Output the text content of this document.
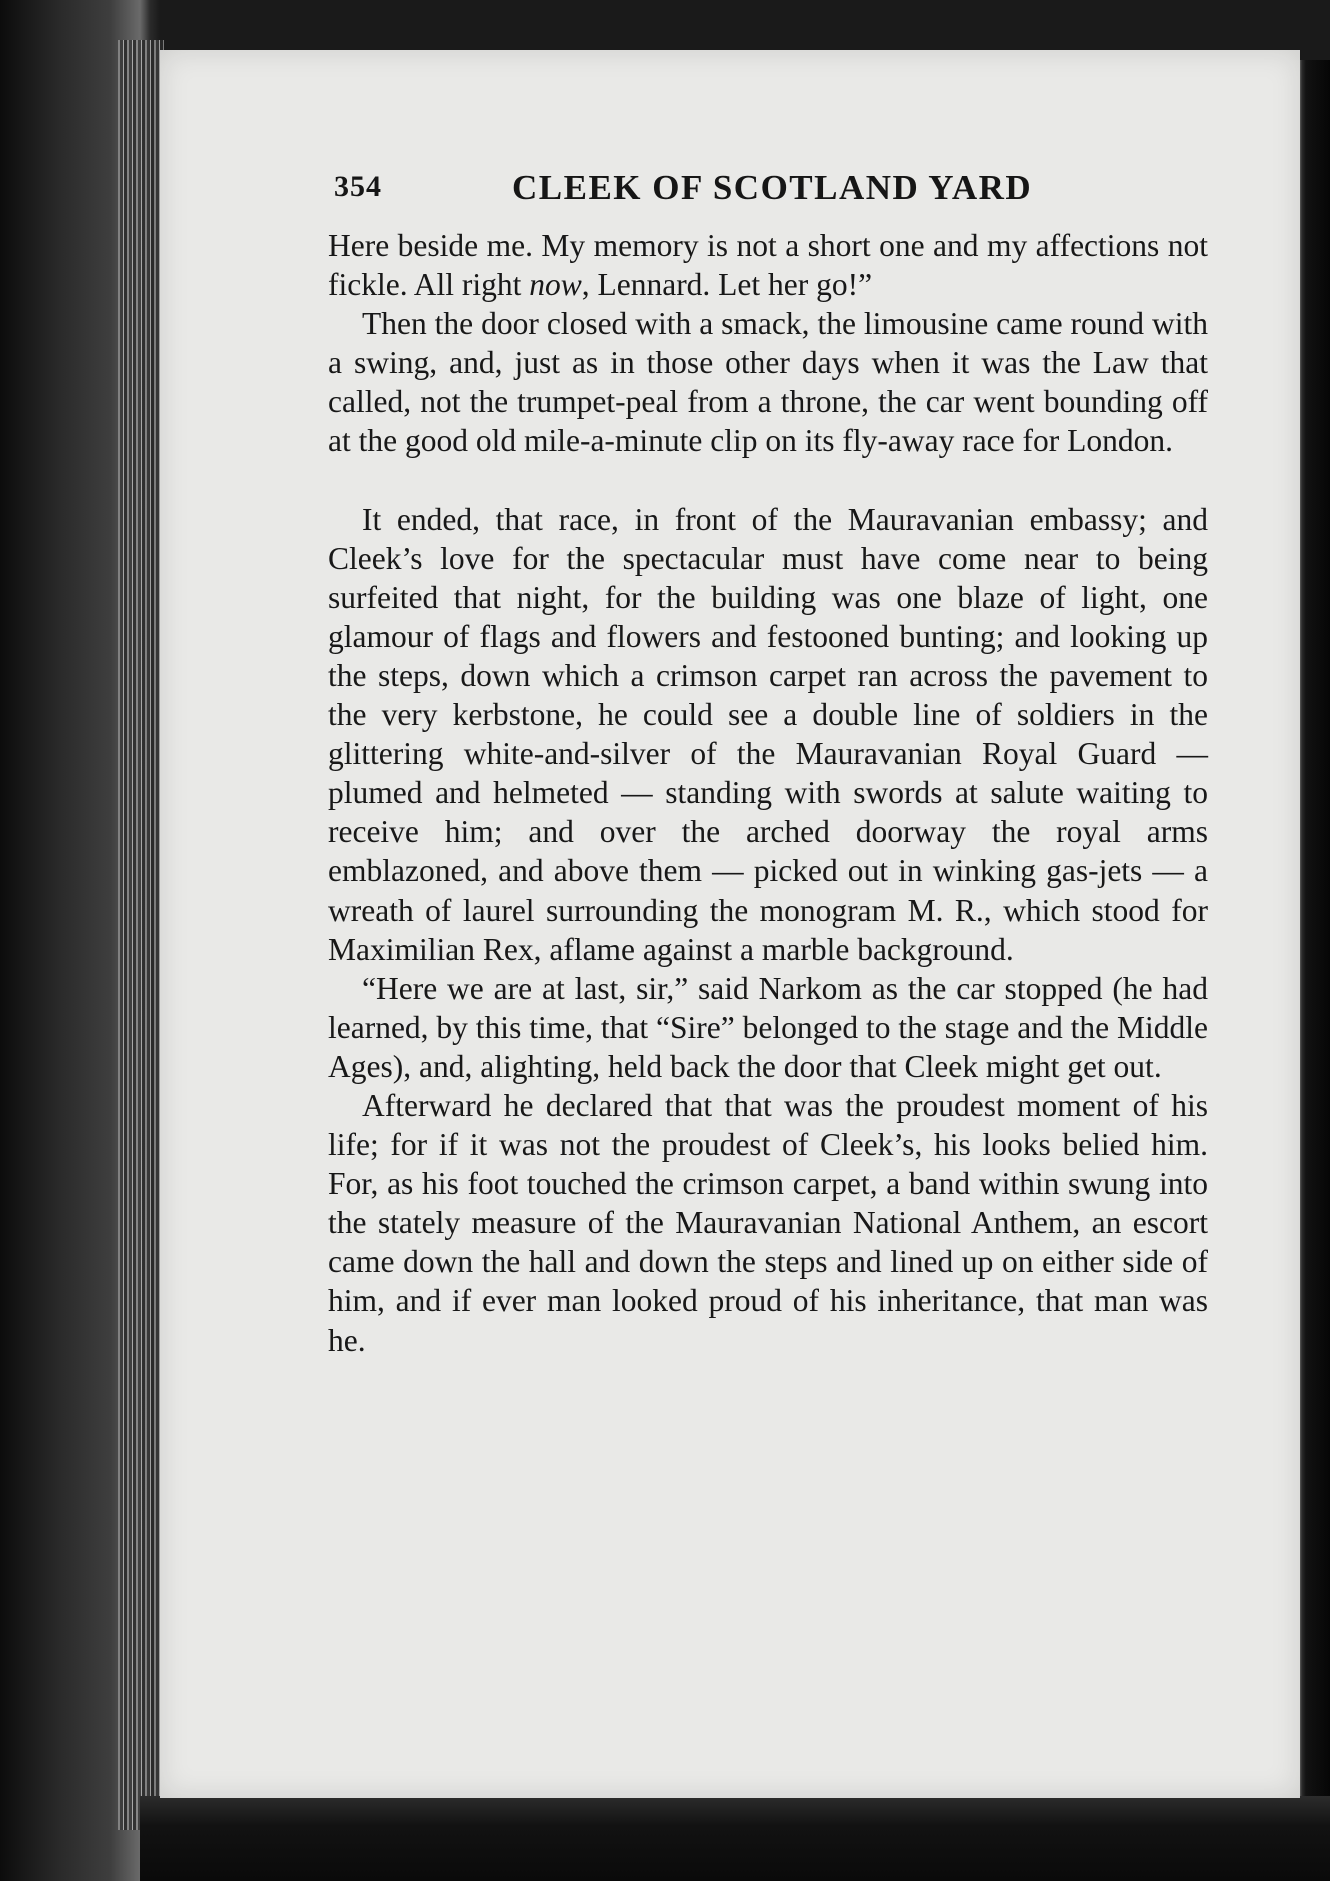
354	CLEEK OF SCOTLAND YARD

Here beside me. My memory is not a short one and my affections not fickle. All right now, Lennard. Let her go!”

Then the door closed with a smack, the limousine came round with a swing, and, just as in those other days when it was the Law that called, not the trumpet-peal from a throne, the car went bounding off at the good old mile-a-minute clip on its fly-away race for London.

It ended, that race, in front of the Mauravanian embassy; and Cleek’s love for the spectacular must have come near to being surfeited that night, for the building was one blaze of light, one glamour of flags and flowers and festooned bunting; and looking up the steps, down which a crimson carpet ran across the pavement to the very kerbstone, he could see a double line of soldiers in the glittering white-and-silver of the Mauravanian Royal Guard — plumed and helmeted — standing with swords at salute waiting to receive him; and over the arched doorway the royal arms emblazoned, and above them — picked out in winking gas-jets — a wreath of laurel surrounding the monogram M. R., which stood for Maximilian Rex, aflame against a marble background.

“Here we are at last, sir,” said Narkom as the car stopped (he had learned, by this time, that “Sire” belonged to the stage and the Middle Ages), and, alighting, held back the door that Cleek might get out.

Afterward he declared that that was the proudest moment of his life; for if it was not the proudest of Cleek’s, his looks belied him. For, as his foot touched the crimson carpet, a band within swung into the stately measure of the Mauravanian National Anthem, an escort came down the hall and down the steps and lined up on either side of him, and if ever man looked proud of his inheritance, that man was he.
